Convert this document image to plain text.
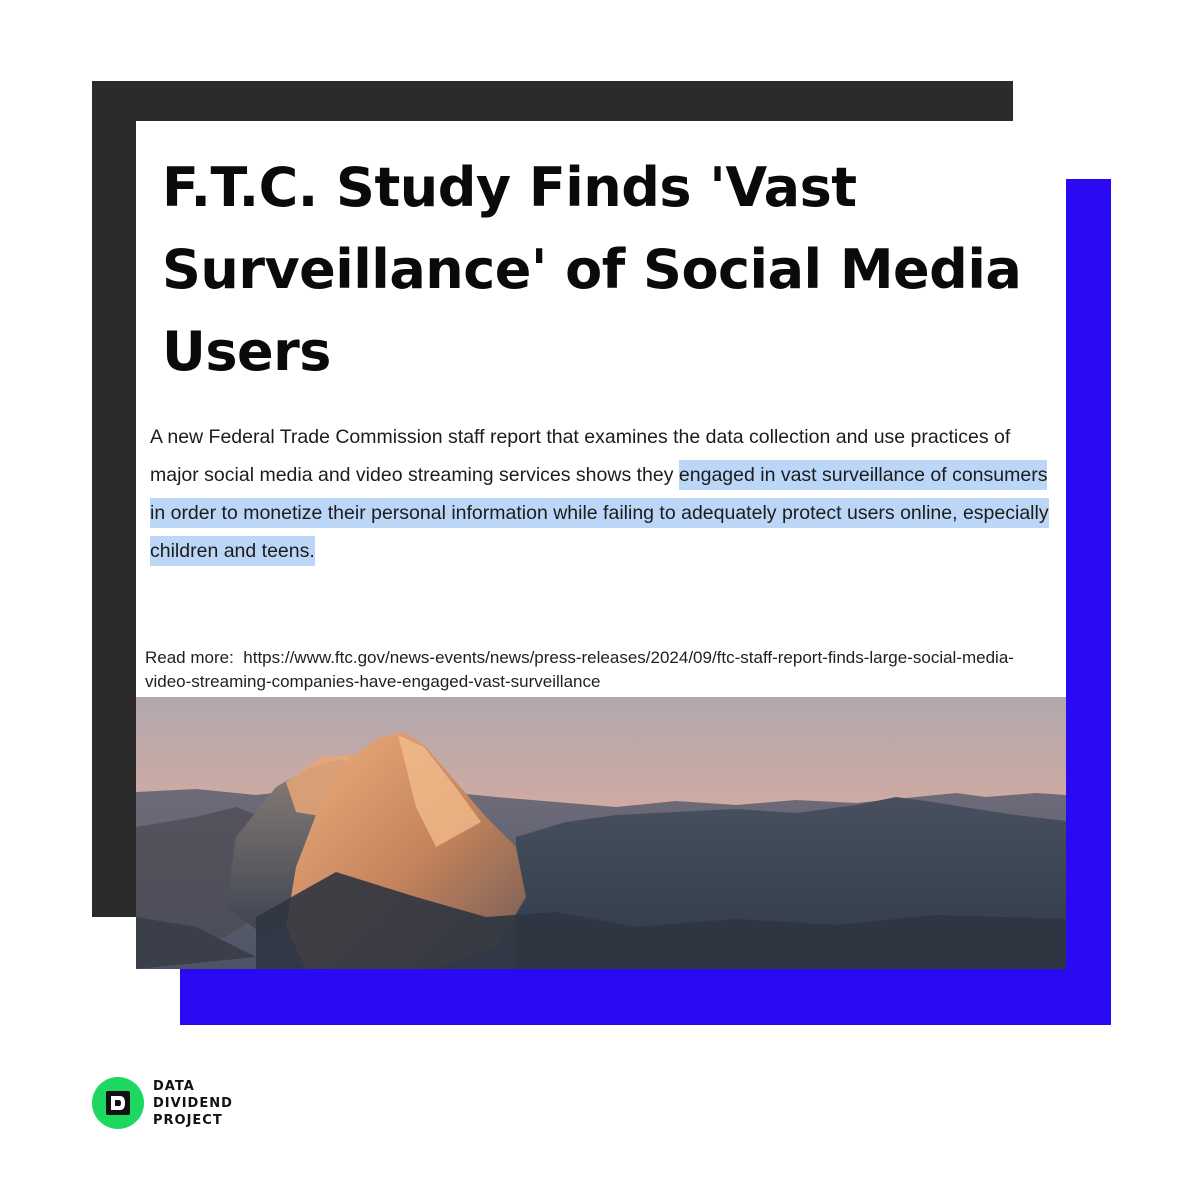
F.T.C. Study Finds 'Vast Surveillance' of Social Media Users

A new Federal Trade Commission staff report that examines the data collection and use practices of major social media and video streaming services shows they engaged in vast surveillance of consumers in order to monetize their personal information while failing to adequately protect users online, especially children and teens.

Read more: https://www.ftc.gov/news-events/news/press-releases/2024/09/ftc-staff-report-finds-large-social-media-video-streaming-companies-have-engaged-vast-surveillance

DATA
DIVIDEND
PROJECT
